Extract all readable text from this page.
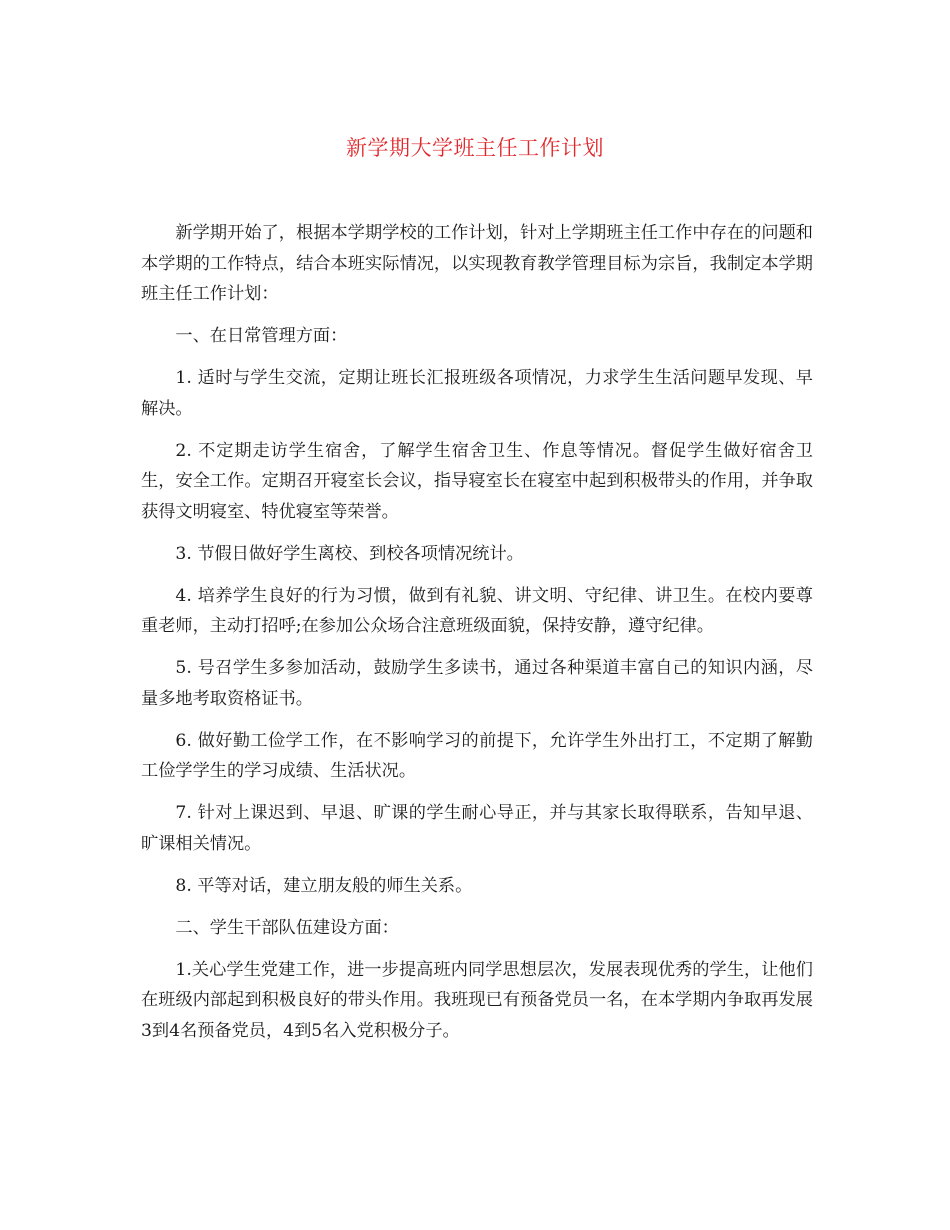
新学期大学班主任工作计划

新学期开始了，根据本学期学校的工作计划，针对上学期班主任工作中存在的问题和本学期的工作特点，结合本班实际情况，以实现教育教学管理目标为宗旨，我制定本学期班主任工作计划：

一、在日常管理方面：

1. 适时与学生交流，定期让班长汇报班级各项情况，力求学生生活问题早发现、早解决。

2. 不定期走访学生宿舍，了解学生宿舍卫生、作息等情况。督促学生做好宿舍卫生，安全工作。定期召开寝室长会议，指导寝室长在寝室中起到积极带头的作用，并争取获得文明寝室、特优寝室等荣誉。

3. 节假日做好学生离校、到校各项情况统计。

4. 培养学生良好的行为习惯，做到有礼貌、讲文明、守纪律、讲卫生。在校内要尊重老师，主动打招呼;在参加公众场合注意班级面貌，保持安静，遵守纪律。

5. 号召学生多参加活动，鼓励学生多读书，通过各种渠道丰富自己的知识内涵，尽量多地考取资格证书。

6. 做好勤工俭学工作，在不影响学习的前提下，允许学生外出打工，不定期了解勤工俭学学生的学习成绩、生活状况。

7. 针对上课迟到、早退、旷课的学生耐心导正，并与其家长取得联系，告知早退、旷课相关情况。

8. 平等对话，建立朋友般的师生关系。

二、学生干部队伍建设方面：

1.关心学生党建工作，进一步提高班内同学思想层次，发展表现优秀的学生，让他们在班级内部起到积极良好的带头作用。我班现已有预备党员一名，在本学期内争取再发展3到4名预备党员，4到5名入党积极分子。
